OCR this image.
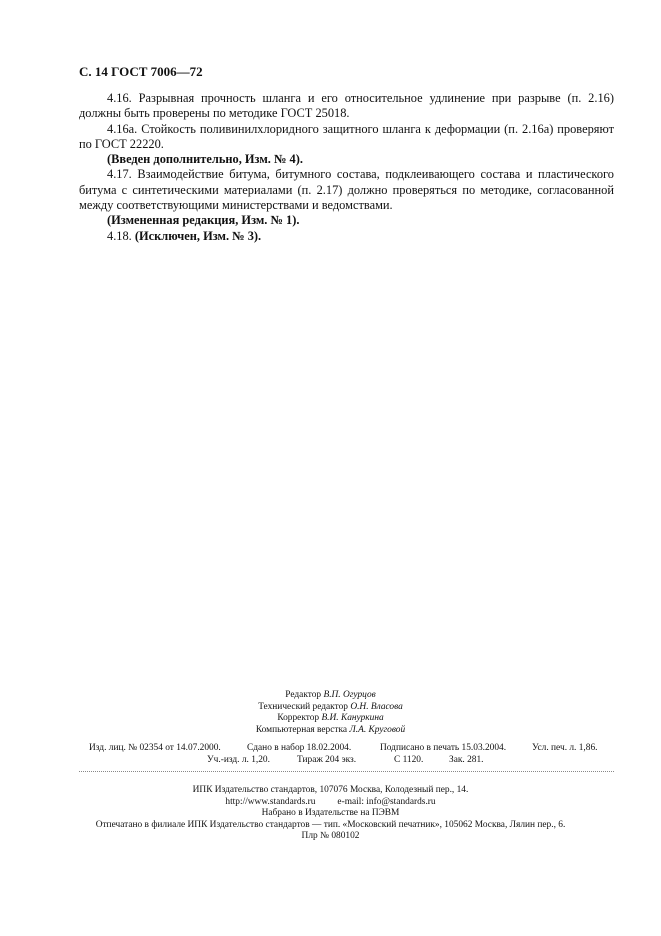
С. 14 ГОСТ 7006—72

4.16. Разрывная прочность шланга и его относительное удлинение при разрыве (п. 2.16) должны быть проверены по методике ГОСТ 25018.

4.16а. Стойкость поливинилхлоридного защитного шланга к деформации (п. 2.16а) проверяют по ГОСТ 22220.

(Введен дополнительно, Изм. № 4).

4.17. Взаимодействие битума, битумного состава, подклеивающего состава и пластического битума с синтетическими материалами (п. 2.17) должно проверяться по методике, согласованной между соответствующими министерствами и ведомствами.

(Измененная редакция, Изм. № 1).

4.18. (Исключен, Изм. № 3).

Редактор В.П. Огурцов
Технический редактор О.Н. Власова
Корректор В.И. Кануркина
Компьютерная верстка Л.А. Круговой
Изд. лиц. № 02354 от 14.07.2000.	Сдано в набор 18.02.2004.	Подписано в печать 15.03.2004.	Усл. печ. л. 1,86.
Уч.-изд. л. 1,20.	Тираж 204 экз.	С 1120.	Зак. 281.
ИПК Издательство стандартов, 107076 Москва, Колодезный пер., 14.
http://www.standards.ru e-mail: info@standards.ru
Набрано в Издательстве на ПЭВМ
Отпечатано в филиале ИПК Издательство стандартов — тип. «Московский печатник», 105062 Москва, Лялин пер., 6.
Плр № 080102
